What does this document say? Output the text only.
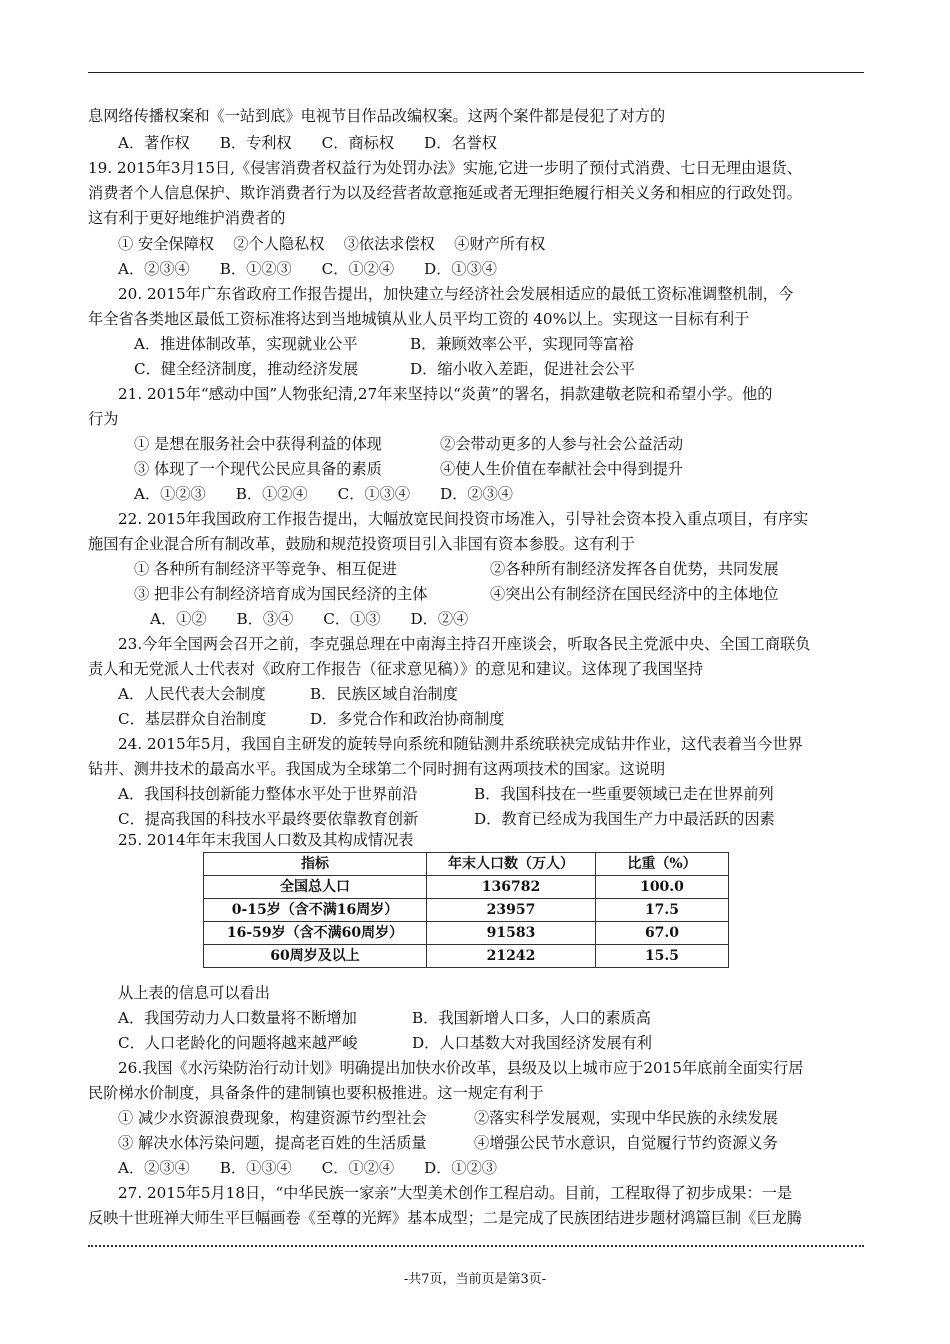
息网络传播权案和《一站到底》电视节目作品改编权案。这两个案件都是侵犯了对方的
A．著作权 B．专利权 C．商标权 D．名誉权
19. 2015年3月15日,《侵害消费者权益行为处罚办法》实施,它进一步明了预付式消费、七日无理由退货、
消费者个人信息保护、欺诈消费者行为以及经营者故意拖延或者无理拒绝履行相关义务和相应的行政处罚。
这有利于更好地维护消费者的
① 安全保障权    ②个人隐私权    ③依法求偿权    ④财产所有权
A．②③④ B．①②③ C．①②④ D．①③④
20. 2015年广东省政府工作报告提出，加快建立与经济社会发展相适应的最低工资标准调整机制，今
年全省各类地区最低工资标准将达到当地城镇从业人员平均工资的 40%以上。实现这一目标有利于
A．推进体制改革，实现就业公平	B．兼顾效率公平，实现同等富裕
C．健全经济制度，推动经济发展	D．缩小收入差距，促进社会公平
21. 2015年“感动中国”人物张纪清,27年来坚持以“炎黄”的署名，捐款建敬老院和希望小学。他的
行为
① 是想在服务社会中获得利益的体现	②会带动更多的人参与社会公益活动
③ 体现了一个现代公民应具备的素质	④使人生价值在奉献社会中得到提升
A．①②③ B．①②④ C．①③④ D．②③④
22. 2015年我国政府工作报告提出，大幅放宽民间投资市场准入，引导社会资本投入重点项目，有序实
施国有企业混合所有制改革，鼓励和规范投资项目引入非国有资本参股。这有利于
① 各种所有制经济平等竞争、相互促进	②各种所有制经济发挥各自优势，共同发展
③ 把非公有制经济培育成为国民经济的主体	④突出公有制经济在国民经济中的主体地位
A．①② B．③④ C．①③ D．②④
23.今年全国两会召开之前，李克强总理在中南海主持召开座谈会，听取各民主党派中央、全国工商联负
责人和无党派人士代表对《政府工作报告（征求意见稿）》的意见和建议。这体现了我国坚持
A．人民代表大会制度	B．民族区域自治制度
C．基层群众自治制度	D．多党合作和政治协商制度
24. 2015年5月，我国自主研发的旋转导向系统和随钻测井系统联袂完成钻井作业，这代表着当今世界
钻井、测井技术的最高水平。我国成为全球第二个同时拥有这两项技术的国家。这说明
A．我国科技创新能力整体水平处于世界前沿	B．我国科技在一些重要领域已走在世界前列
C．提高我国的科技水平最终要依靠教育创新	D．教育已经成为我国生产力中最活跃的因素
25. 2014年年末我国人口数及其构成情况表
指标	年末人口数（万人）	比重（%）
全国总人口	136782	100.0
0-15岁（含不满16周岁）	23957	17.5
16-59岁（含不满60周岁）	91583	67.0
60周岁及以上	21242	15.5
从上表的信息可以看出
A．我国劳动力人口数量将不断增加	B．我国新增人口多，人口的素质高
C．人口老龄化的问题将越来越严峻	D．人口基数大对我国经济发展有利
26.我国《水污染防治行动计划》明确提出加快水价改革，县级及以上城市应于2015年底前全面实行居
民阶梯水价制度，具备条件的建制镇也要积极推进。这一规定有利于
① 减少水资源浪费现象，构建资源节约型社会	②落实科学发展观，实现中华民族的永续发展
③ 解决水体污染问题，提高老百姓的生活质量	④增强公民节水意识，自觉履行节约资源义务
A．②③④ B．①③④ C．①②④ D．①②③
27. 2015年5月18日，“中华民族一家亲”大型美术创作工程启动。目前，工程取得了初步成果：一是
反映十世班禅大师生平巨幅画卷《至尊的光辉》基本成型；二是完成了民族团结进步题材鸿篇巨制《巨龙腾
-共7页，当前页是第3页-
